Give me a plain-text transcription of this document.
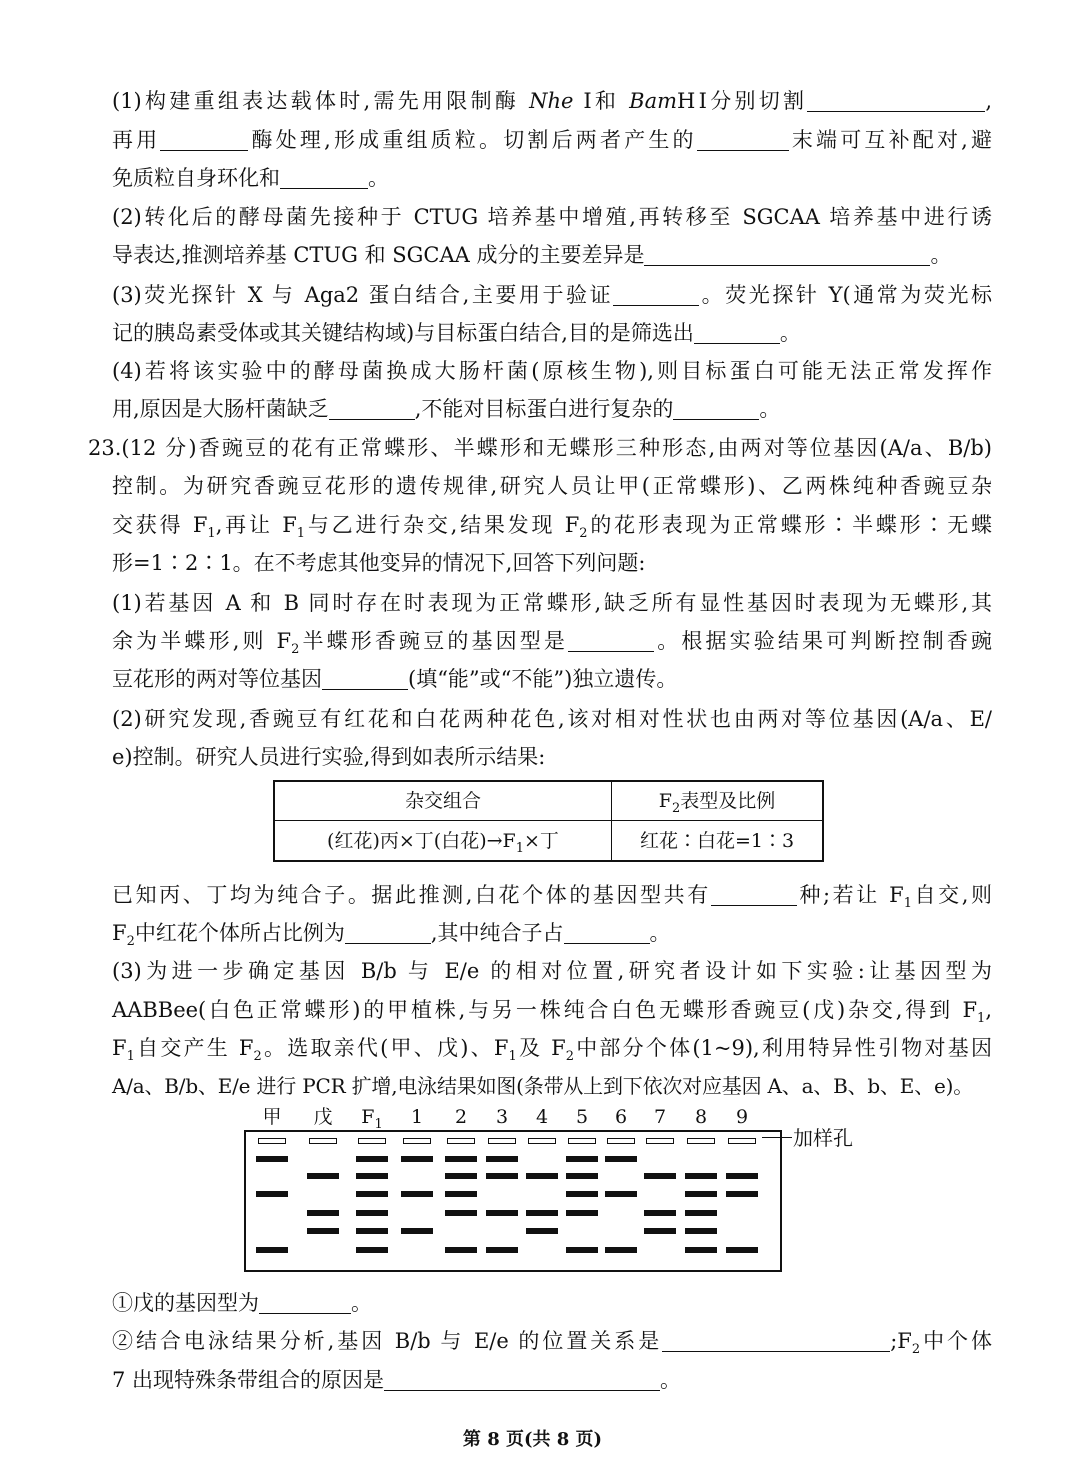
(1)构建重组表达载体时,需先用限制酶 Nhe Ⅰ和 BamHⅠ分别切割	,
再用	酶处理,形成重组质粒。切割后两者产生的	末端可互补配对,避
免质粒自身环化和	。
(2)转化后的酵母菌先接种于 CTUG 培养基中增殖,再转移至 SGCAA 培养基中进行诱
导表达,推测培养基 CTUG 和 SGCAA 成分的主要差异是	。
(3)荧光探针 X 与 Aga2 蛋白结合,主要用于验证	。荧光探针 Y(通常为荧光标
记的胰岛素受体或其关键结构域)与目标蛋白结合,目的是筛选出	。
(4)若将该实验中的酵母菌换成大肠杆菌(原核生物),则目标蛋白可能无法正常发挥作
用,原因是大肠杆菌缺乏	,不能对目标蛋白进行复杂的	。
23.(12 分)香豌豆的花有正常蝶形、半蝶形和无蝶形三种形态,由两对等位基因(A/a、B/b)
控制。为研究香豌豆花形的遗传规律,研究人员让甲(正常蝶形)、乙两株纯种香豌豆杂
交获得 $F_1$,再让 $F_1$与乙进行杂交,结果发现 $F_2$的花形表现为正常蝶形∶半蝶形∶无蝶
形=1∶2∶1。在不考虑其他变异的情况下,回答下列问题:
(1)若基因 A 和 B 同时存在时表现为正常蝶形,缺乏所有显性基因时表现为无蝶形,其
余为半蝶形,则 $F_2$半蝶形香豌豆的基因型是	。根据实验结果可判断控制香豌
豆花形的两对等位基因	(填“能”或“不能”)独立遗传。
(2)研究发现,香豌豆有红花和白花两种花色,该对相对性状也由两对等位基因(A/a、E/
e)控制。研究人员进行实验,得到如表所示结果:
杂交组合	$F_2$表型及比例
(红花)丙×丁(白花)$\to F_1\times$丁	红花∶白花=1∶3
已知丙、丁均为纯合子。据此推测,白花个体的基因型共有	种;若让 $F_1$自交,则
$F_2$中红花个体所占比例为	,其中纯合子占	。
(3)为进一步确定基因 B/b 与 E/e 的相对位置,研究者设计如下实验:让基因型为
AABBee(白色正常蝶形)的甲植株,与另一株纯合白色无蝶形香豌豆(戊)杂交,得到 $F_1$,
$F_1$自交产生 $F_2$。选取亲代(甲、戊)、$F_1$及 $F_2$中部分个体(1~9),利用特异性引物对基因
A/a、B/b、E/e 进行 PCR 扩增,电泳结果如图(条带从上到下依次对应基因 A、a、B、b、E、e)。
甲	戊	$F_1$	1	2	3	4	5	6	7	8	9
加样孔
①戊的基因型为	。
②结合电泳结果分析,基因 B/b 与 E/e 的位置关系是	$;F_2$中个体
7 出现特殊条带组合的原因是	。
第 8 页(共 8 页)
